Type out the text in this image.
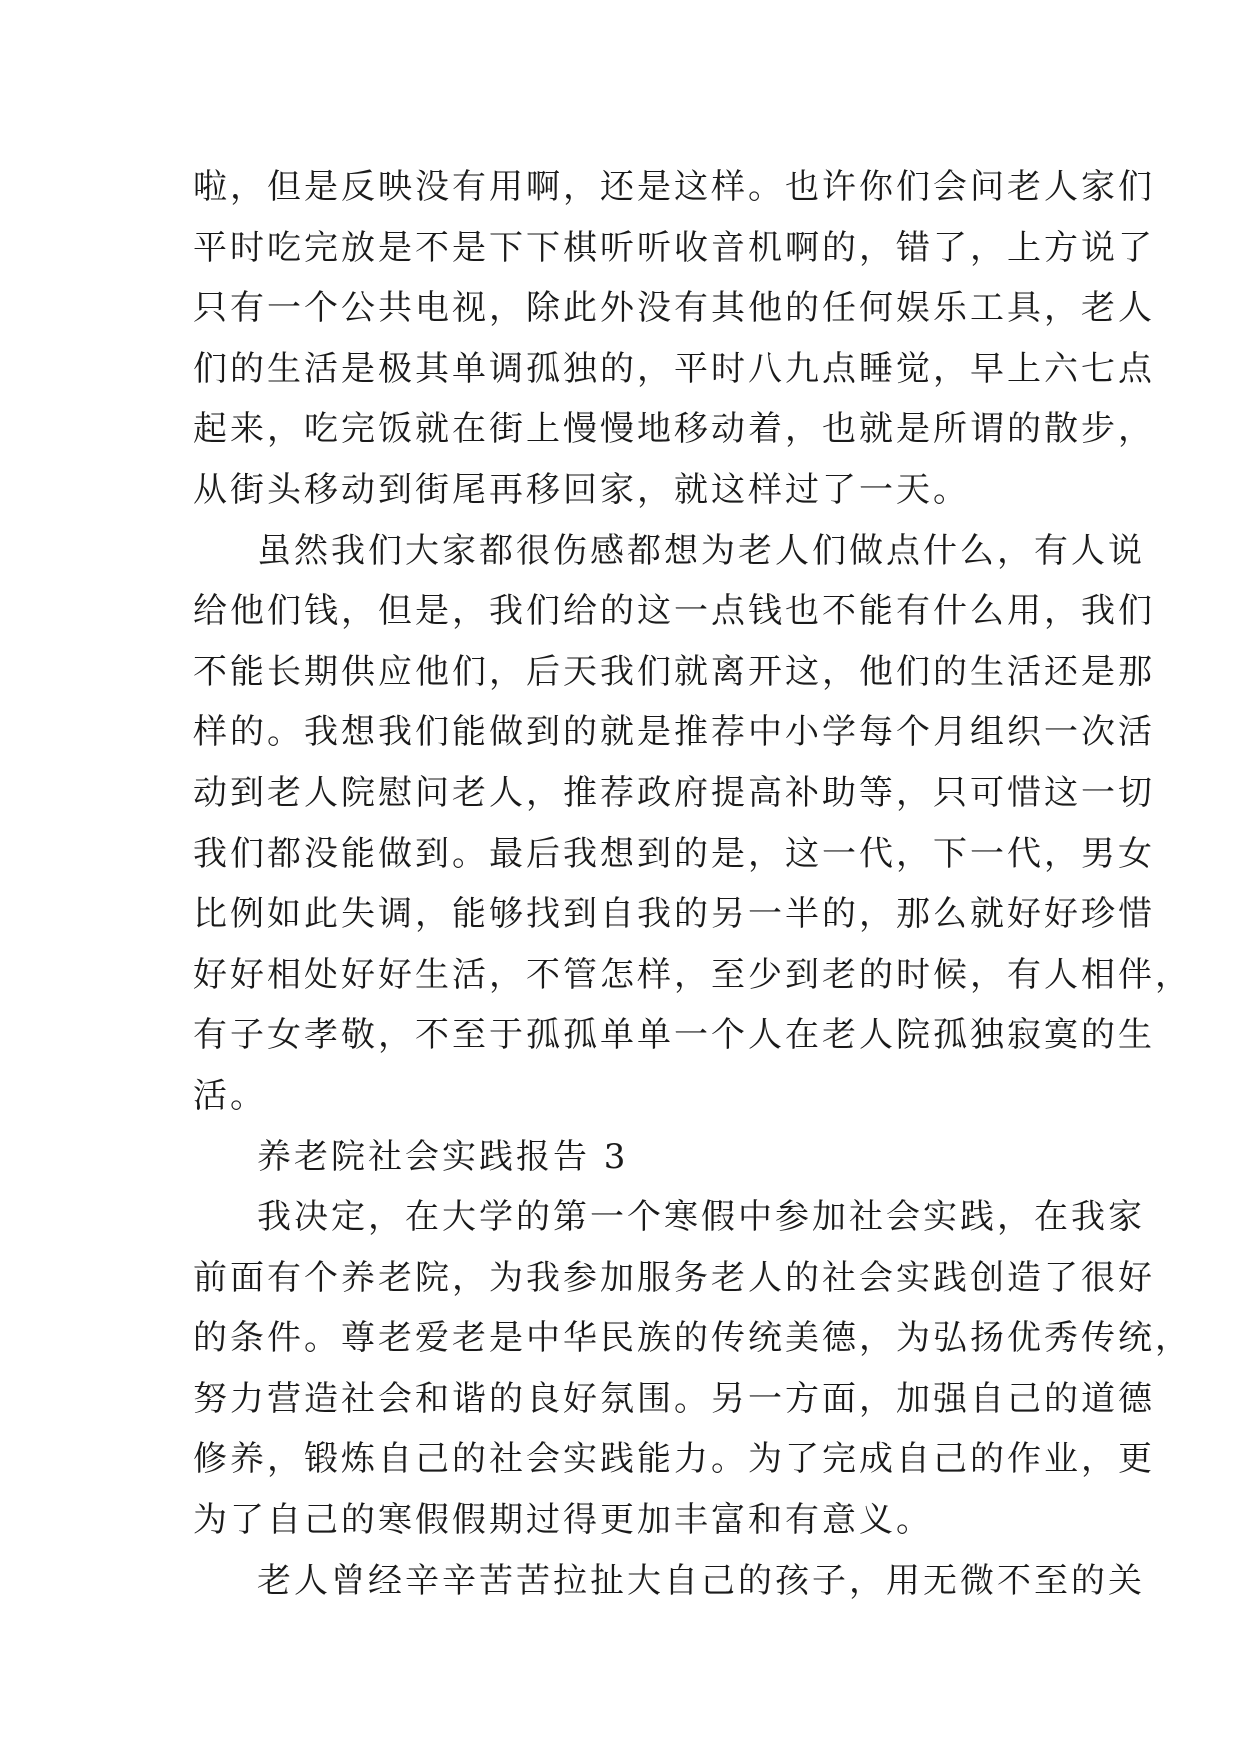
啦，但是反映没有用啊，还是这样。也许你们会问老人家们
平时吃完放是不是下下棋听听收音机啊的，错了，上方说了
只有一个公共电视，除此外没有其他的任何娱乐工具，老人
们的生活是极其单调孤独的，平时八九点睡觉，早上六七点
起来，吃完饭就在街上慢慢地移动着，也就是所谓的散步，
从街头移动到街尾再移回家，就这样过了一天。
虽然我们大家都很伤感都想为老人们做点什么，有人说
给他们钱，但是，我们给的这一点钱也不能有什么用，我们
不能长期供应他们，后天我们就离开这，他们的生活还是那
样的。我想我们能做到的就是推荐中小学每个月组织一次活
动到老人院慰问老人，推荐政府提高补助等，只可惜这一切
我们都没能做到。最后我想到的是，这一代，下一代，男女
比例如此失调，能够找到自我的另一半的，那么就好好珍惜
好好相处好好生活，不管怎样，至少到老的时候，有人相伴，
有子女孝敬，不至于孤孤单单一个人在老人院孤独寂寞的生
活。
养老院社会实践报告 3
我决定，在大学的第一个寒假中参加社会实践，在我家
前面有个养老院，为我参加服务老人的社会实践创造了很好
的条件。尊老爱老是中华民族的传统美德，为弘扬优秀传统，
努力营造社会和谐的良好氛围。另一方面，加强自己的道德
修养，锻炼自己的社会实践能力。为了完成自己的作业，更
为了自己的寒假假期过得更加丰富和有意义。
老人曾经辛辛苦苦拉扯大自己的孩子，用无微不至的关
